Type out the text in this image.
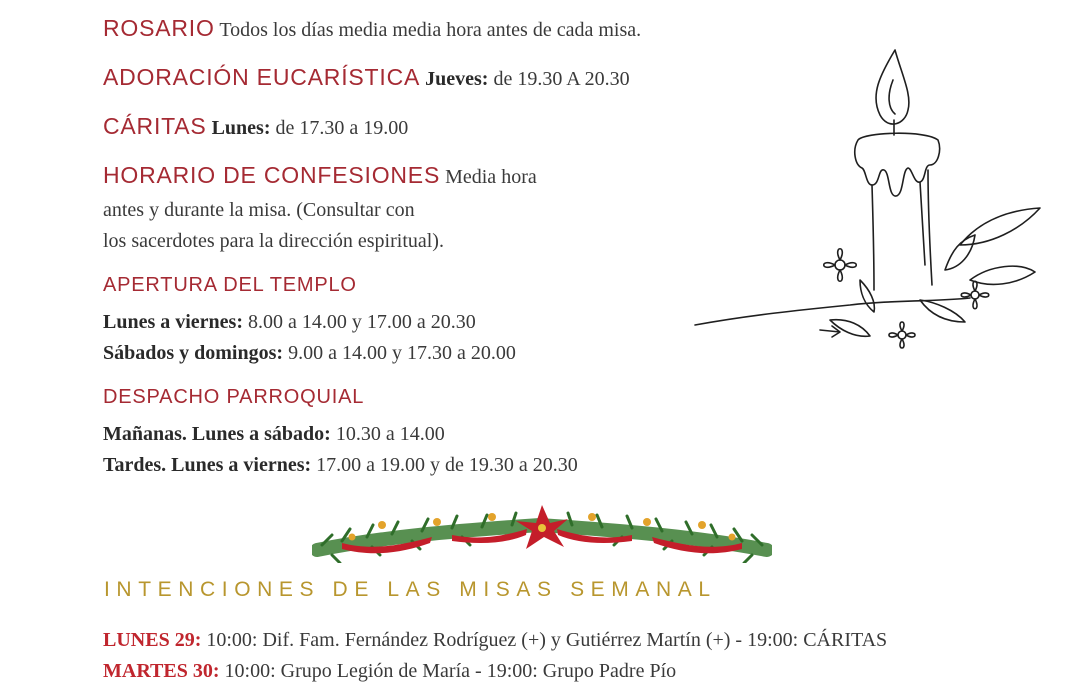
ROSARIO Todos los días media media hora antes de cada misa.
ADORACIÓN EUCARÍSTICA Jueves: de 19.30 A 20.30
CÁRITAS Lunes: de 17.30 a 19.00
HORARIO DE CONFESIONES Media hora
antes y durante la misa. (Consultar con
los sacerdotes para la dirección espiritual).
APERTURA DEL TEMPLO
Lunes a viernes: 8.00 a 14.00 y 17.00 a 20.30
Sábados y domingos: 9.00 a 14.00 y 17.30 a 20.00
DESPACHO PARROQUIAL
Mañanas. Lunes a sábado: 10.30 a 14.00
Tardes. Lunes a viernes: 17.00 a 19.00 y de 19.30 a 20.30
INTENCIONES DE LAS MISAS SEMANAL
LUNES 29: 10:00: Dif. Fam. Fernández Rodríguez (+) y Gutiérrez Martín (+) - 19:00: CÁRITAS
MARTES 30: 10:00: Grupo Legión de María - 19:00: Grupo Padre Pío
